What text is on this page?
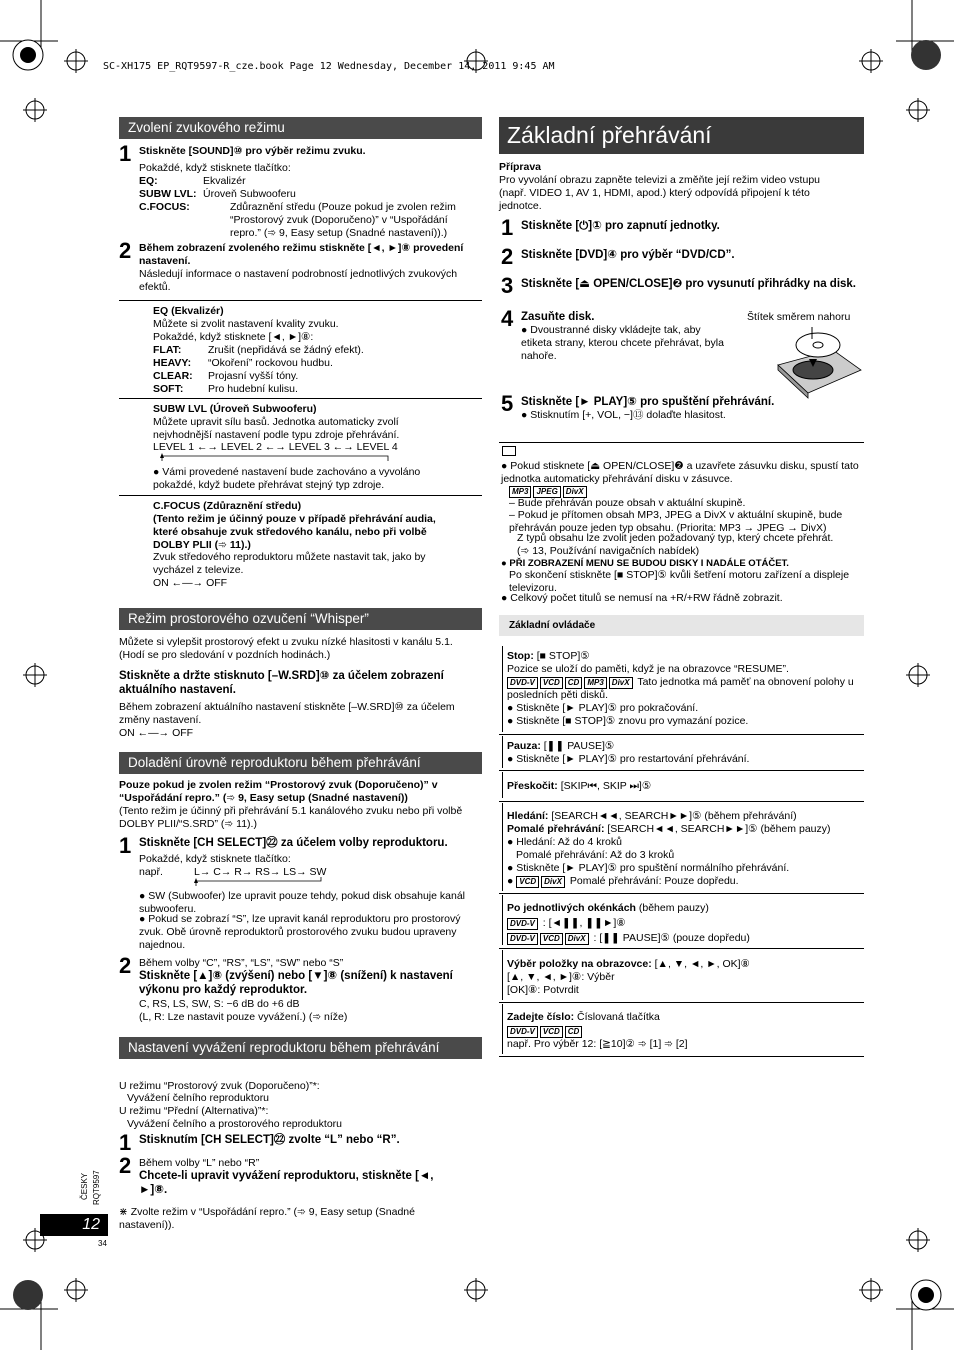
SC-XH175 EP_RQT9597-R_cze.book Page 12 Wednesday, December 14, 2011 9:45 AM
Zvolení zvukového režimu
1 Stiskněte [SOUND]⑩ pro výběr režimu zvuku.
Pokaždé, když stisknete tlačítko:
EQ:	Ekvalizér
SUBW LVL: Úroveň Subwooferu
C.FOCUS:	Zdůraznění středu (Pouze pokud je zvolen režim “Prostorový zvuk (Doporučeno)” v “Uspořádání repro.” (➾ 9, Easy setup (Snadné nastavení)).)
2 Během zobrazení zvoleného režimu stiskněte [◄, ►]⑧ provedení nastavení.
Následují informace o nastavení podrobností jednotlivých zvukových efektů.
EQ (Ekvalizér)
Můžete si zvolit nastavení kvality zvuku.
Pokaždé, když stisknete [◄, ►]⑧:
FLAT:	Zrušit (nepřidává se žádný efekt).
HEAVY:	“Okoření” rockovou hudbu.
CLEAR:	Projasní vyšší tóny.
SOFT:	Pro hudební kulisu.
SUBW LVL (Úroveň Subwooferu)
Můžete upravit sílu basů. Jednotka automaticky zvolí nejvhodnější nastavení podle typu zdroje přehrávání.
LEVEL 1 ←→ LEVEL 2 ←→ LEVEL 3 ←→ LEVEL 4
● Vámi provedené nastavení bude zachováno a vyvoláno pokaždé, když budete přehrávat stejný typ zdroje.
C.FOCUS (Zdůraznění středu)
(Tento režim je účinný pouze v případě přehrávání audia, které obsahuje zvuk středového kanálu, nebo při volbě DOLBY PLII (➾ 11).)
Zvuk středového reproduktoru můžete nastavit tak, jako by vycházel z televize.
ON ←—→ OFF
Režim prostorového ozvučení “Whisper”
Můžete si vylepšit prostorový efekt u zvuku nízké hlasitosti v kanálu 5.1. (Hodí se pro sledování v pozdních hodinách.)
Stiskněte a držte stisknuto [–W.SRD]⑩ za účelem zobrazení aktuálního nastavení.
Během zobrazení aktuálního nastavení stiskněte [–W.SRD]⑩ za účelem změny nastavení.
ON ←—→ OFF
Doladění úrovně reproduktoru během přehrávání
Pouze pokud je zvolen režim “Prostorový zvuk (Doporučeno)” v “Uspořádání repro.” (➾ 9, Easy setup (Snadné nastavení))
(Tento režim je účinný při přehrávání 5.1 kanálového zvuku nebo při volbě DOLBY PLII/“S.SRD” (➾ 11).)
1 Stiskněte [CH SELECT]㉒ za účelem volby reproduktoru.
Pokaždé, když stisknete tlačítko:
např.	L→ C→ R→ RS→ LS→ SW
● SW (Subwoofer) lze upravit pouze tehdy, pokud disk obsahuje kanál subwooferu.
● Pokud se zobrazí “S”, lze upravit kanál reproduktoru pro prostorový zvuk. Obě úrovně reproduktorů prostorového zvuku budou upraveny najednou.
2 Během volby “C”, “RS”, “LS”, “SW” nebo “S”
Stiskněte [▲]⑧ (zvýšení) nebo [▼]⑧ (snížení) k nastavení výkonu pro každý reproduktor.
C, RS, LS, SW, S: −6 dB do +6 dB
(L, R: Lze nastavit pouze vyvážení.) (➾ níže)
Nastavení vyvážení reproduktoru během přehrávání
U režimu “Prostorový zvuk (Doporučeno)”*:
Vyvážení čelního reproduktoru
U režimu “Přední (Alternativa)”*:
Vyvážení čelního a prostorového reproduktoru
1 Stisknutím [CH SELECT]㉒ zvolte “L” nebo “R”.
2 Během volby “L” nebo “R”
Chcete-li upravit vyvážení reproduktoru, stiskněte [◄, ►]⑧.
⋇ Zvolte režim v “Uspořádání repro.” (➾ 9, Easy setup (Snadné nastavení)).
ČESKY RQT9597
12
34
Základní přehrávání
Příprava
Pro vyvolání obrazu zapněte televizi a změňte její režim video vstupu (např. VIDEO 1, AV 1, HDMI, apod.) který odpovídá připojení k této jednotce.
1 Stiskněte [⏻]① pro zapnutí jednotky.
2 Stiskněte [DVD]④ pro výběr “DVD/CD”.
3 Stiskněte [⏏ OPEN/CLOSE]❷ pro vysunutí přihrádky na disk.
4 Zasuňte disk.
● Dvoustranné disky vkládejte tak, aby etiketa strany, kterou chcete přehrávat, byla nahoře.
Štítek směrem nahoru
5 Stiskněte [► PLAY]⑤ pro spuštění přehrávání.
● Stisknutím [+, VOL, −]⑬ dolaďte hlasitost.
● Pokud stisknete [⏏ OPEN/CLOSE]❷ a uzavřete zásuvku disku, spustí tato jednotka automaticky přehrávání disku v zásuvce.
MP3 JPEG DivX
– Bude přehráván pouze obsah v aktuální skupině.
– Pokud je přítomen obsah MP3, JPEG a DivX v aktuální skupině, bude přehráván pouze jeden typ obsahu. (Priorita: MP3 → JPEG → DivX)
Z typů obsahu lze zvolit jeden požadovaný typ, který chcete přehrát.
(➾ 13, Používání navigačních nabídek)
● PŘI ZOBRAZENÍ MENU SE BUDOU DISKY I NADÁLE OTÁČET.
Po skončení stiskněte [■ STOP]⑤ kvůli šetření motoru zařízení a displeje televizoru.
● Celkový počet titulů se nemusí na +R/+RW řádně zobrazit.
Základní ovládače
Stop: [■ STOP]⑤
Pozice se uloží do paměti, když je na obrazovce “RESUME”.
DVD-V VCD CD MP3 DivX Tato jednotka má paměť na obnovení polohy u posledních pěti disků.
● Stiskněte [► PLAY]⑤ pro pokračování.
● Stiskněte [■ STOP]⑤ znovu pro vymazání pozice.
Pauza: [❚❚ PAUSE]⑤
● Stiskněte [► PLAY]⑤ pro restartování přehrávání.
Přeskočit: [SKIP⏮, SKIP ⏭]⑤
Hledání: [SEARCH◄◄, SEARCH►►]⑤ (během přehrávání)
Pomalé přehrávání: [SEARCH◄◄, SEARCH►►]⑤ (během pauzy)
● Hledání: Až do 4 kroků
Pomalé přehrávání: Až do 3 kroků
● Stiskněte [► PLAY]⑤ pro spuštění normálního přehrávání.
● VCD DivX Pomalé přehrávání: Pouze dopředu.
Po jednotlivých okénkách (během pauzy)
DVD-V : [◄❚❚, ❚❚►]⑧
DVD-V VCD DivX : [❚❚ PAUSE]⑤ (pouze dopředu)
Výběr položky na obrazovce: [▲, ▼, ◄, ►, OK]⑧
[▲, ▼, ◄, ►]⑧: Výběr
[OK]⑧: Potvrdit
Zadejte číslo: Číslovaná tlačítka
DVD-V VCD CD
např. Pro výběr 12: [≧10]② ➾ [1] ➾ [2]
